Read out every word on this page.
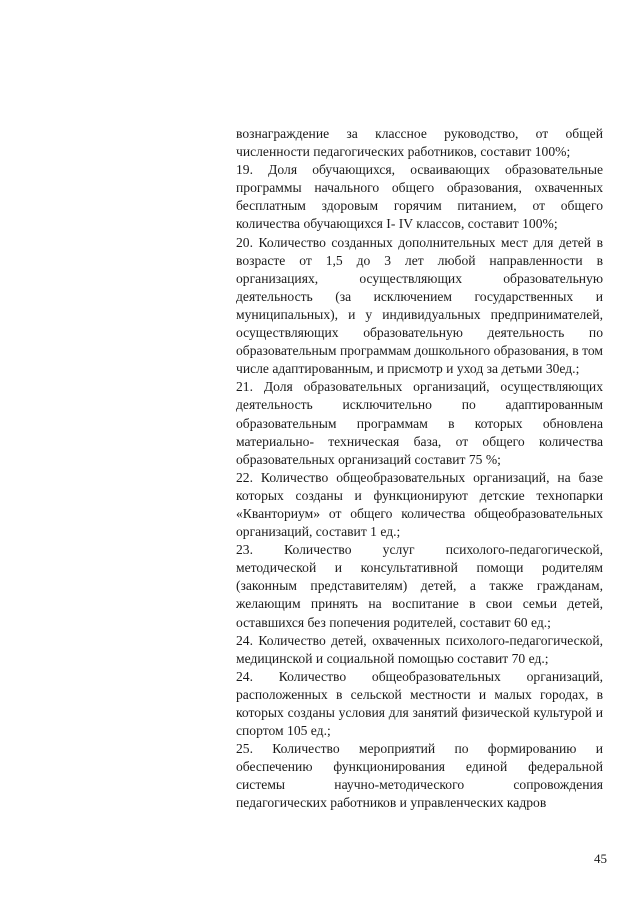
вознаграждение за классное руководство, от общей численности педагогических работников, составит 100%;

19. Доля обучающихся, осваивающих образовательные программы начального общего образования, охваченных бесплатным здоровым горячим питанием, от общего количества обучающихся I- IV классов, составит 100%;

20. Количество созданных дополнительных мест для детей в возрасте от 1,5 до 3 лет любой направленности в организациях, осуществляющих образовательную деятельность (за исключением государственных и муниципальных), и у индивидуальных предпринимателей, осуществляющих образовательную деятельность по образовательным программам дошкольного образования, в том числе адаптированным, и присмотр и уход за детьми 30ед.;

21. Доля образовательных организаций, осуществляющих деятельность исключительно по адаптированным образовательным программам в которых обновлена материально- техническая база, от общего количества образовательных организаций составит 75 %;

22. Количество общеобразовательных организаций, на базе которых созданы и функционируют детские технопарки «Кванториум» от общего количества общеобразовательных организаций, составит 1 ед.;

23. Количество услуг психолого-педагогической, методической и консультативной помощи родителям (законным представителям) детей, а также гражданам, желающим принять на воспитание в свои семьи детей, оставшихся без попечения родителей, составит 60 ед.;

24. Количество детей, охваченных психолого-педагогической, медицинской и социальной помощью составит 70 ед.;

24. Количество общеобразовательных организаций, расположенных в сельской местности и малых городах, в которых созданы условия для занятий физической культурой и спортом 105 ед.;

25. Количество мероприятий по формированию и обеспечению функционирования единой федеральной системы научно-методического сопровождения педагогических работников и управленческих кадров

45
